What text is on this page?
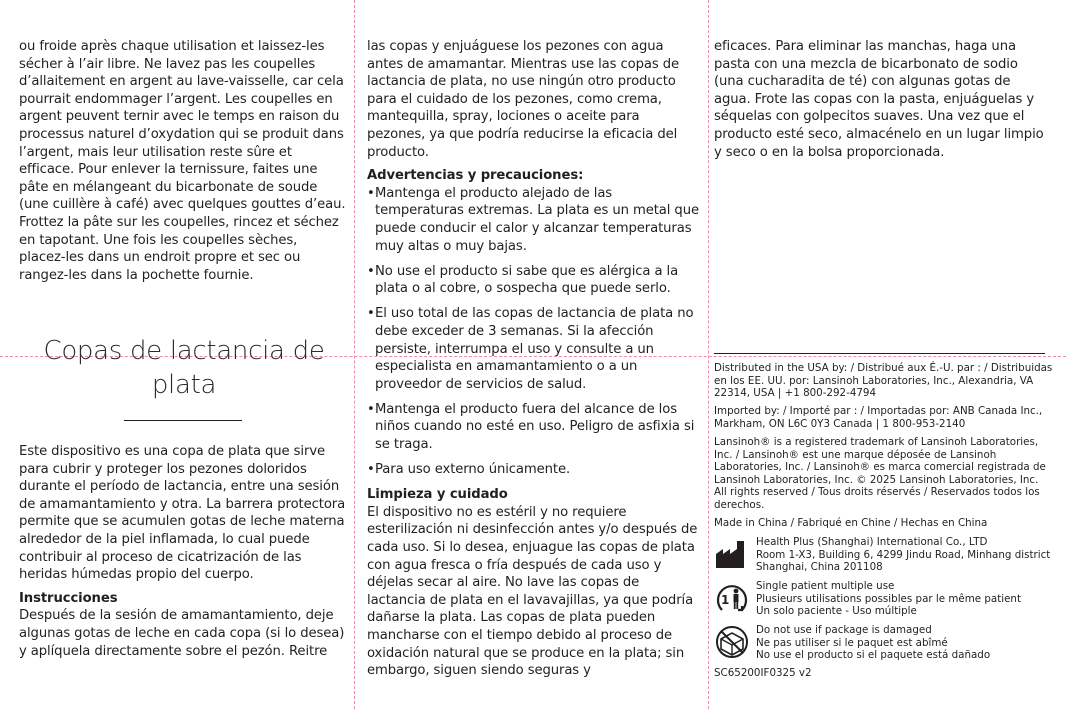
ou froide après chaque utilisation et laissez-les sécher à l’air libre. Ne lavez pas les coupelles d’allaitement en argent au lave-vaisselle, car cela pourrait endommager l’argent. Les coupelles en argent peuvent ternir avec le temps en raison du processus naturel d’oxydation qui se produit dans l’argent, mais leur utilisation reste sûre et efficace. Pour enlever la ternissure, faites une pâte en mélangeant du bicarbonate de soude (une cuillère à café) avec quelques gouttes d’eau. Frottez la pâte sur les coupelles, rincez et séchez en tapotant. Une fois les coupelles sèches, placez-les dans un endroit propre et sec ou rangez-les dans la pochette fournie.

Copas de lactancia de plata

Este dispositivo es una copa de plata que sirve para cubrir y proteger los pezones doloridos durante el período de lactancia, entre una sesión de amamantamiento y otra. La barrera protectora permite que se acumulen gotas de leche materna alrededor de la piel inflamada, lo cual puede contribuir al proceso de cicatrización de las heridas húmedas propio del cuerpo.

Instrucciones

Después de la sesión de amamantamiento, deje algunas gotas de leche en cada copa (si lo desea) y aplíquela directamente sobre el pezón. Reitre

las copas y enjuáguese los pezones con agua antes de amamantar. Mientras use las copas de lactancia de plata, no use ningún otro producto para el cuidado de los pezones, como crema, mantequilla, spray, lociones o aceite para pezones, ya que podría reducirse la eficacia del producto.

Advertencias y precauciones:
• Mantenga el producto alejado de las temperaturas extremas. La plata es un metal que puede conducir el calor y alcanzar temperaturas muy altas o muy bajas.
• No use el producto si sabe que es alérgica a la plata o al cobre, o sospecha que puede serlo.
• El uso total de las copas de lactancia de plata no debe exceder de 3 semanas. Si la afección persiste, interrumpa el uso y consulte a un especialista en amamantamiento o a un proveedor de servicios de salud.
• Mantenga el producto fuera del alcance de los niños cuando no esté en uso. Peligro de asfixia si se traga.
• Para uso externo únicamente.
Limpieza y cuidado

El dispositivo no es estéril y no requiere esterilización ni desinfección antes y/o después de cada uso. Si lo desea, enjuague las copas de plata con agua fresca o fría después de cada uso y déjelas secar al aire. No lave las copas de lactancia de plata en el lavavajillas, ya que podría dañarse la plata. Las copas de plata pueden mancharse con el tiempo debido al proceso de oxidación natural que se produce en la plata; sin embargo, siguen siendo seguras y

eficaces. Para eliminar las manchas, haga una pasta con una mezcla de bicarbonato de sodio (una cucharadita de té) con algunas gotas de agua. Frote las copas con la pasta, enjuáguelas y séquelas con golpecitos suaves. Una vez que el producto esté seco, almacénelo en un lugar limpio y seco o en la bolsa proporcionada.

Distributed in the USA by: / Distribué aux É.-U. par : / Distribuidas en los EE. UU. por: Lansinoh Laboratories, Inc., Alexandria, VA 22314, USA | +1 800-292-4794

Imported by: / Importé par : / Importadas por: ANB Canada Inc., Markham, ON L6C 0Y3 Canada | 1 800-953-2140

Lansinoh® is a registered trademark of Lansinoh Laboratories, Inc. / Lansinoh® est une marque déposée de Lansinoh Laboratories, Inc. / Lansinoh® es marca comercial registrada de Lansinoh Laboratories, Inc. © 2025 Lansinoh Laboratories, Inc. All rights reserved / Tous droits réservés / Reservados todos los derechos.

Made in China / Fabriqué en Chine / Hechas en China

Health Plus (Shanghai) International Co., LTD

Room 1-X3, Building 6, 4299 Jindu Road, Minhang district

Shanghai, China 201108

1

Single patient multiple use

Plusieurs utilisations possibles par le même patient

Un solo paciente - Uso múltiple

Do not use if package is damaged

Ne pas utiliser si le paquet est abîmé

No use el producto si el paquete está dañado

SC65200IF0325 v2
